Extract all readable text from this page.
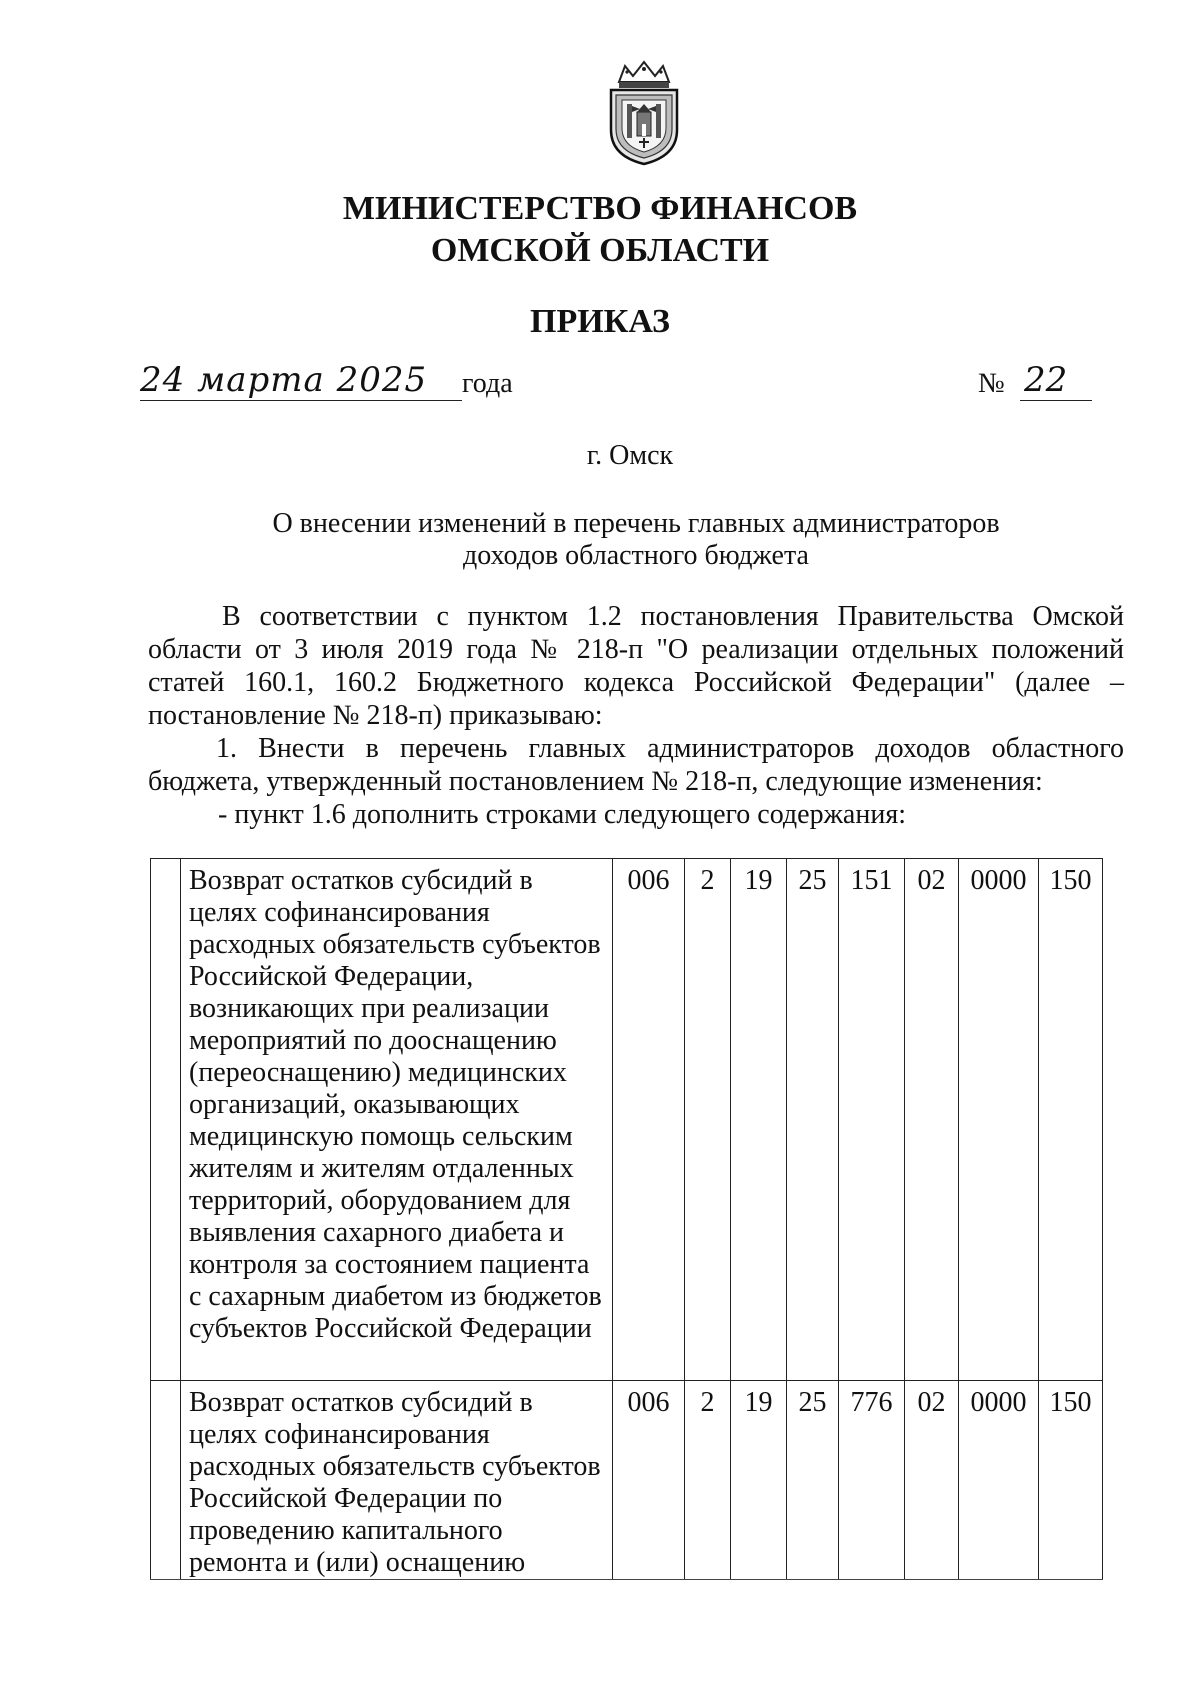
МИНИСТЕРСТВО ФИНАНСОВ
ОМСКОЙ ОБЛАСТИ
ПРИКАЗ
24 марта 2025 года	№ 22
г. Омск
О внесении изменений в перечень главных администраторов
доходов областного бюджета

В соответствии с пунктом 1.2 постановления Правительства Омской области от 3 июля 2019 года № 218-п "О реализации отдельных положений статей 160.1, 160.2 Бюджетного кодекса Российской Федерации" (далее – постановление № 218-п) приказываю:

1. Внести в перечень главных администраторов доходов областного бюджета, утвержденный постановлением № 218-п, следующие изменения:

- пункт 1.6 дополнить строками следующего содержания:

	Возврат остатков субсидий в целях софинансирования расходных обязательств субъектов Российской Федерации, возникающих при реализации мероприятий по дооснащению (переоснащению) медицинских организаций, оказывающих медицинскую помощь сельским жителям и жителям отдаленных территорий, оборудованием для выявления сахарного диабета и контроля за состоянием пациента с сахарным диабетом из бюджетов субъектов Российской Федерации	006	2	19	25	151	02	0000	150
	Возврат остатков субсидий в целях софинансирования расходных обязательств субъектов Российской Федерации по проведению капитального ремонта и (или) оснащению	006	2	19	25	776	02	0000	150
